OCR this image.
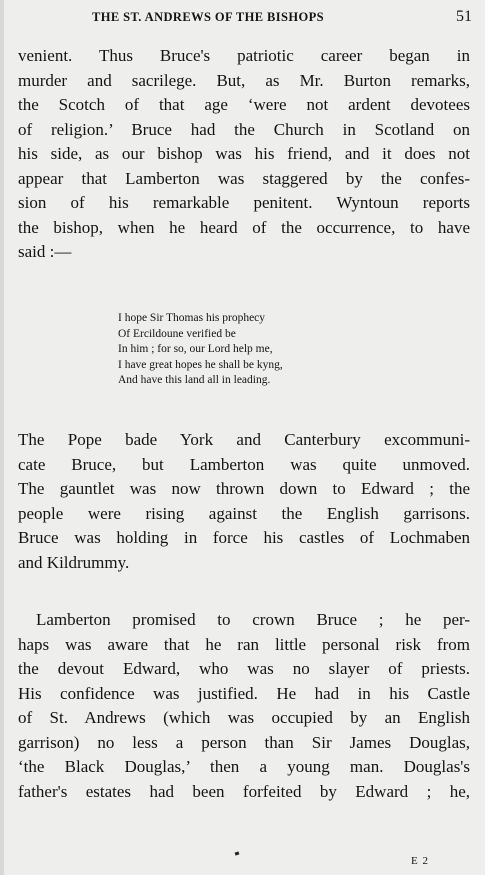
THE ST. ANDREWS OF THE BISHOPS	51
venient. Thus Bruce's patriotic career began in
murder and sacrilege. But, as Mr. Burton remarks,
the Scotch of that age ‘were not ardent devotees
of religion.’ Bruce had the Church in Scotland on
his side, as our bishop was his friend, and it does not
appear that Lamberton was staggered by the confes-
sion of his remarkable penitent. Wyntoun reports
the bishop, when he heard of the occurrence, to have
said :—
I hope Sir Thomas his prophecy
Of Ercildoune verified be
In him ; for so, our Lord help me,
I have great hopes he shall be kyng,
And have this land all in leading.
The Pope bade York and Canterbury excommuni-
cate Bruce, but Lamberton was quite unmoved.
The gauntlet was now thrown down to Edward ; the
people were rising against the English garrisons.
Bruce was holding in force his castles of Lochmaben
and Kildrummy.
Lamberton promised to crown Bruce ; he per-
haps was aware that he ran little personal risk from
the devout Edward, who was no slayer of priests.
His confidence was justified. He had in his Castle
of St. Andrews (which was occupied by an English
garrison) no less a person than Sir James Douglas,
‘the Black Douglas,’ then a young man. Douglas's
father's estates had been forfeited by Edward ; he,
E 2
